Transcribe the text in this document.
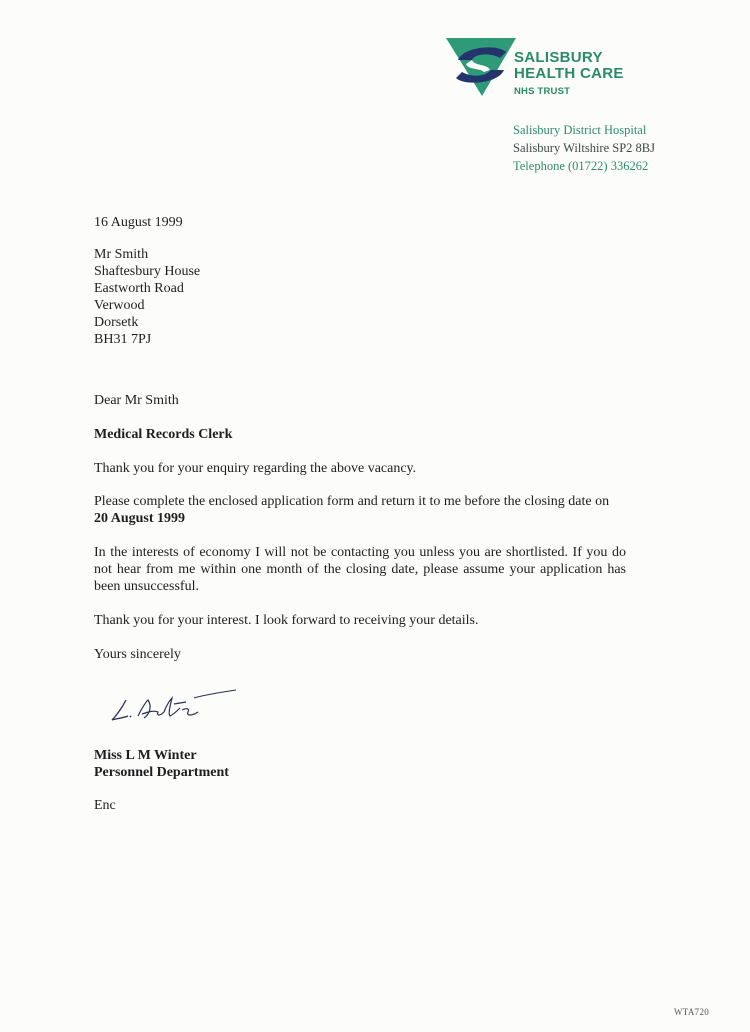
SALISBURY
HEALTH CARE
NHS TRUST
Salisbury District Hospital
Salisbury Wiltshire SP2 8BJ
Telephone (01722) 336262
16 August 1999
Mr Smith
Shaftesbury House
Eastworth Road
Verwood
Dorsetk
BH31 7PJ
Dear Mr Smith
Medical Records Clerk
Thank you for your enquiry regarding the above vacancy.
Please complete the enclosed application form and return it to me before the closing date on 20 August 1999
In the interests of economy I will not be contacting you unless you are shortlisted. If you do not hear from me within one month of the closing date, please assume your application has been unsuccessful.
Thank you for your interest. I look forward to receiving your details.
Yours sincerely
Miss L M Winter
Personnel Department
Enc
WTA720
